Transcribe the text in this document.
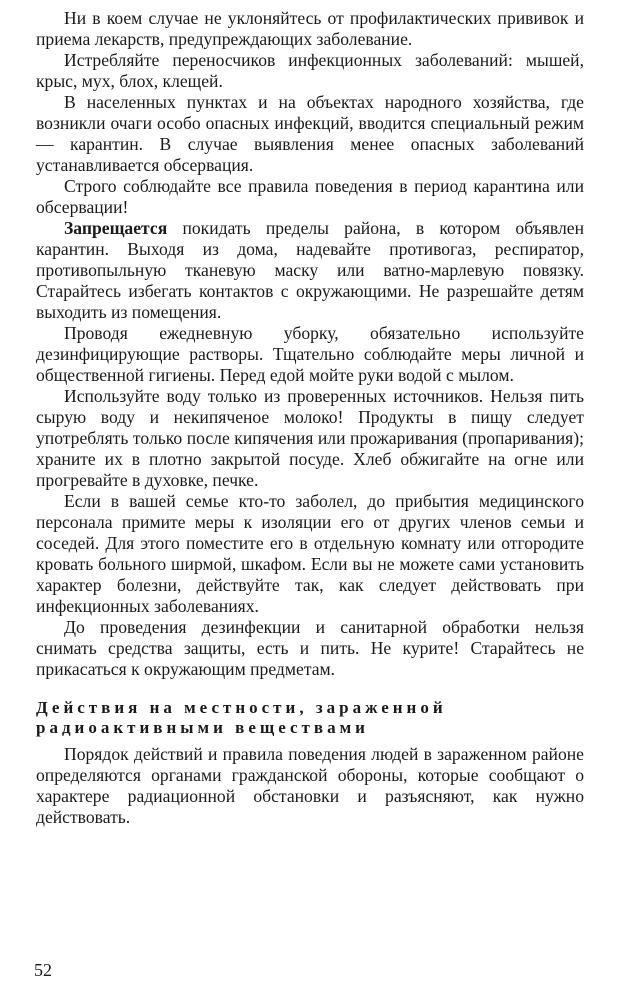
Ни в коем случае не уклоняйтесь от профилактических прививок и приема лекарств, предупреждающих заболевание.

Истребляйте переносчиков инфекционных заболеваний: мышей, крыс, мух, блох, клещей.

В населенных пунктах и на объектах народного хозяйства, где возникли очаги особо опасных инфекций, вводится специальный режим — карантин. В случае выявления менее опасных заболеваний устанавливается обсервация.

Строго соблюдайте все правила поведения в период карантина или обсервации!

Запрещается покидать пределы района, в котором объявлен карантин. Выходя из дома, надевайте противогаз, респиратор, противопыльную тканевую маску или ватно-марлевую повязку. Старайтесь избегать контактов с окружающими. Не разрешайте детям выходить из помещения.

Проводя ежедневную уборку, обязательно используйте дезинфицирующие растворы. Тщательно соблюдайте меры личной и общественной гигиены. Перед едой мойте руки водой с мылом.

Используйте воду только из проверенных источников. Нельзя пить сырую воду и некипяченое молоко! Продукты в пищу следует употреблять только после кипячения или прожаривания (пропаривания); храните их в плотно закрытой посуде. Хлеб обжигайте на огне или прогревайте в духовке, печке.

Если в вашей семье кто-то заболел, до прибытия медицинского персонала примите меры к изоляции его от других членов семьи и соседей. Для этого поместите его в отдельную комнату или отгородите кровать больного ширмой, шкафом. Если вы не можете сами установить характер болезни, действуйте так, как следует действовать при инфекционных заболеваниях.

До проведения дезинфекции и санитарной обработки нельзя снимать средства защиты, есть и пить. Не курите! Старайтесь не прикасаться к окружающим предметам.

Действия на местности, зараженной радиоактивными веществами

Порядок действий и правила поведения людей в зараженном районе определяются органами гражданской обороны, которые сообщают о характере радиационной обстановки и разъясняют, как нужно действовать.

52
